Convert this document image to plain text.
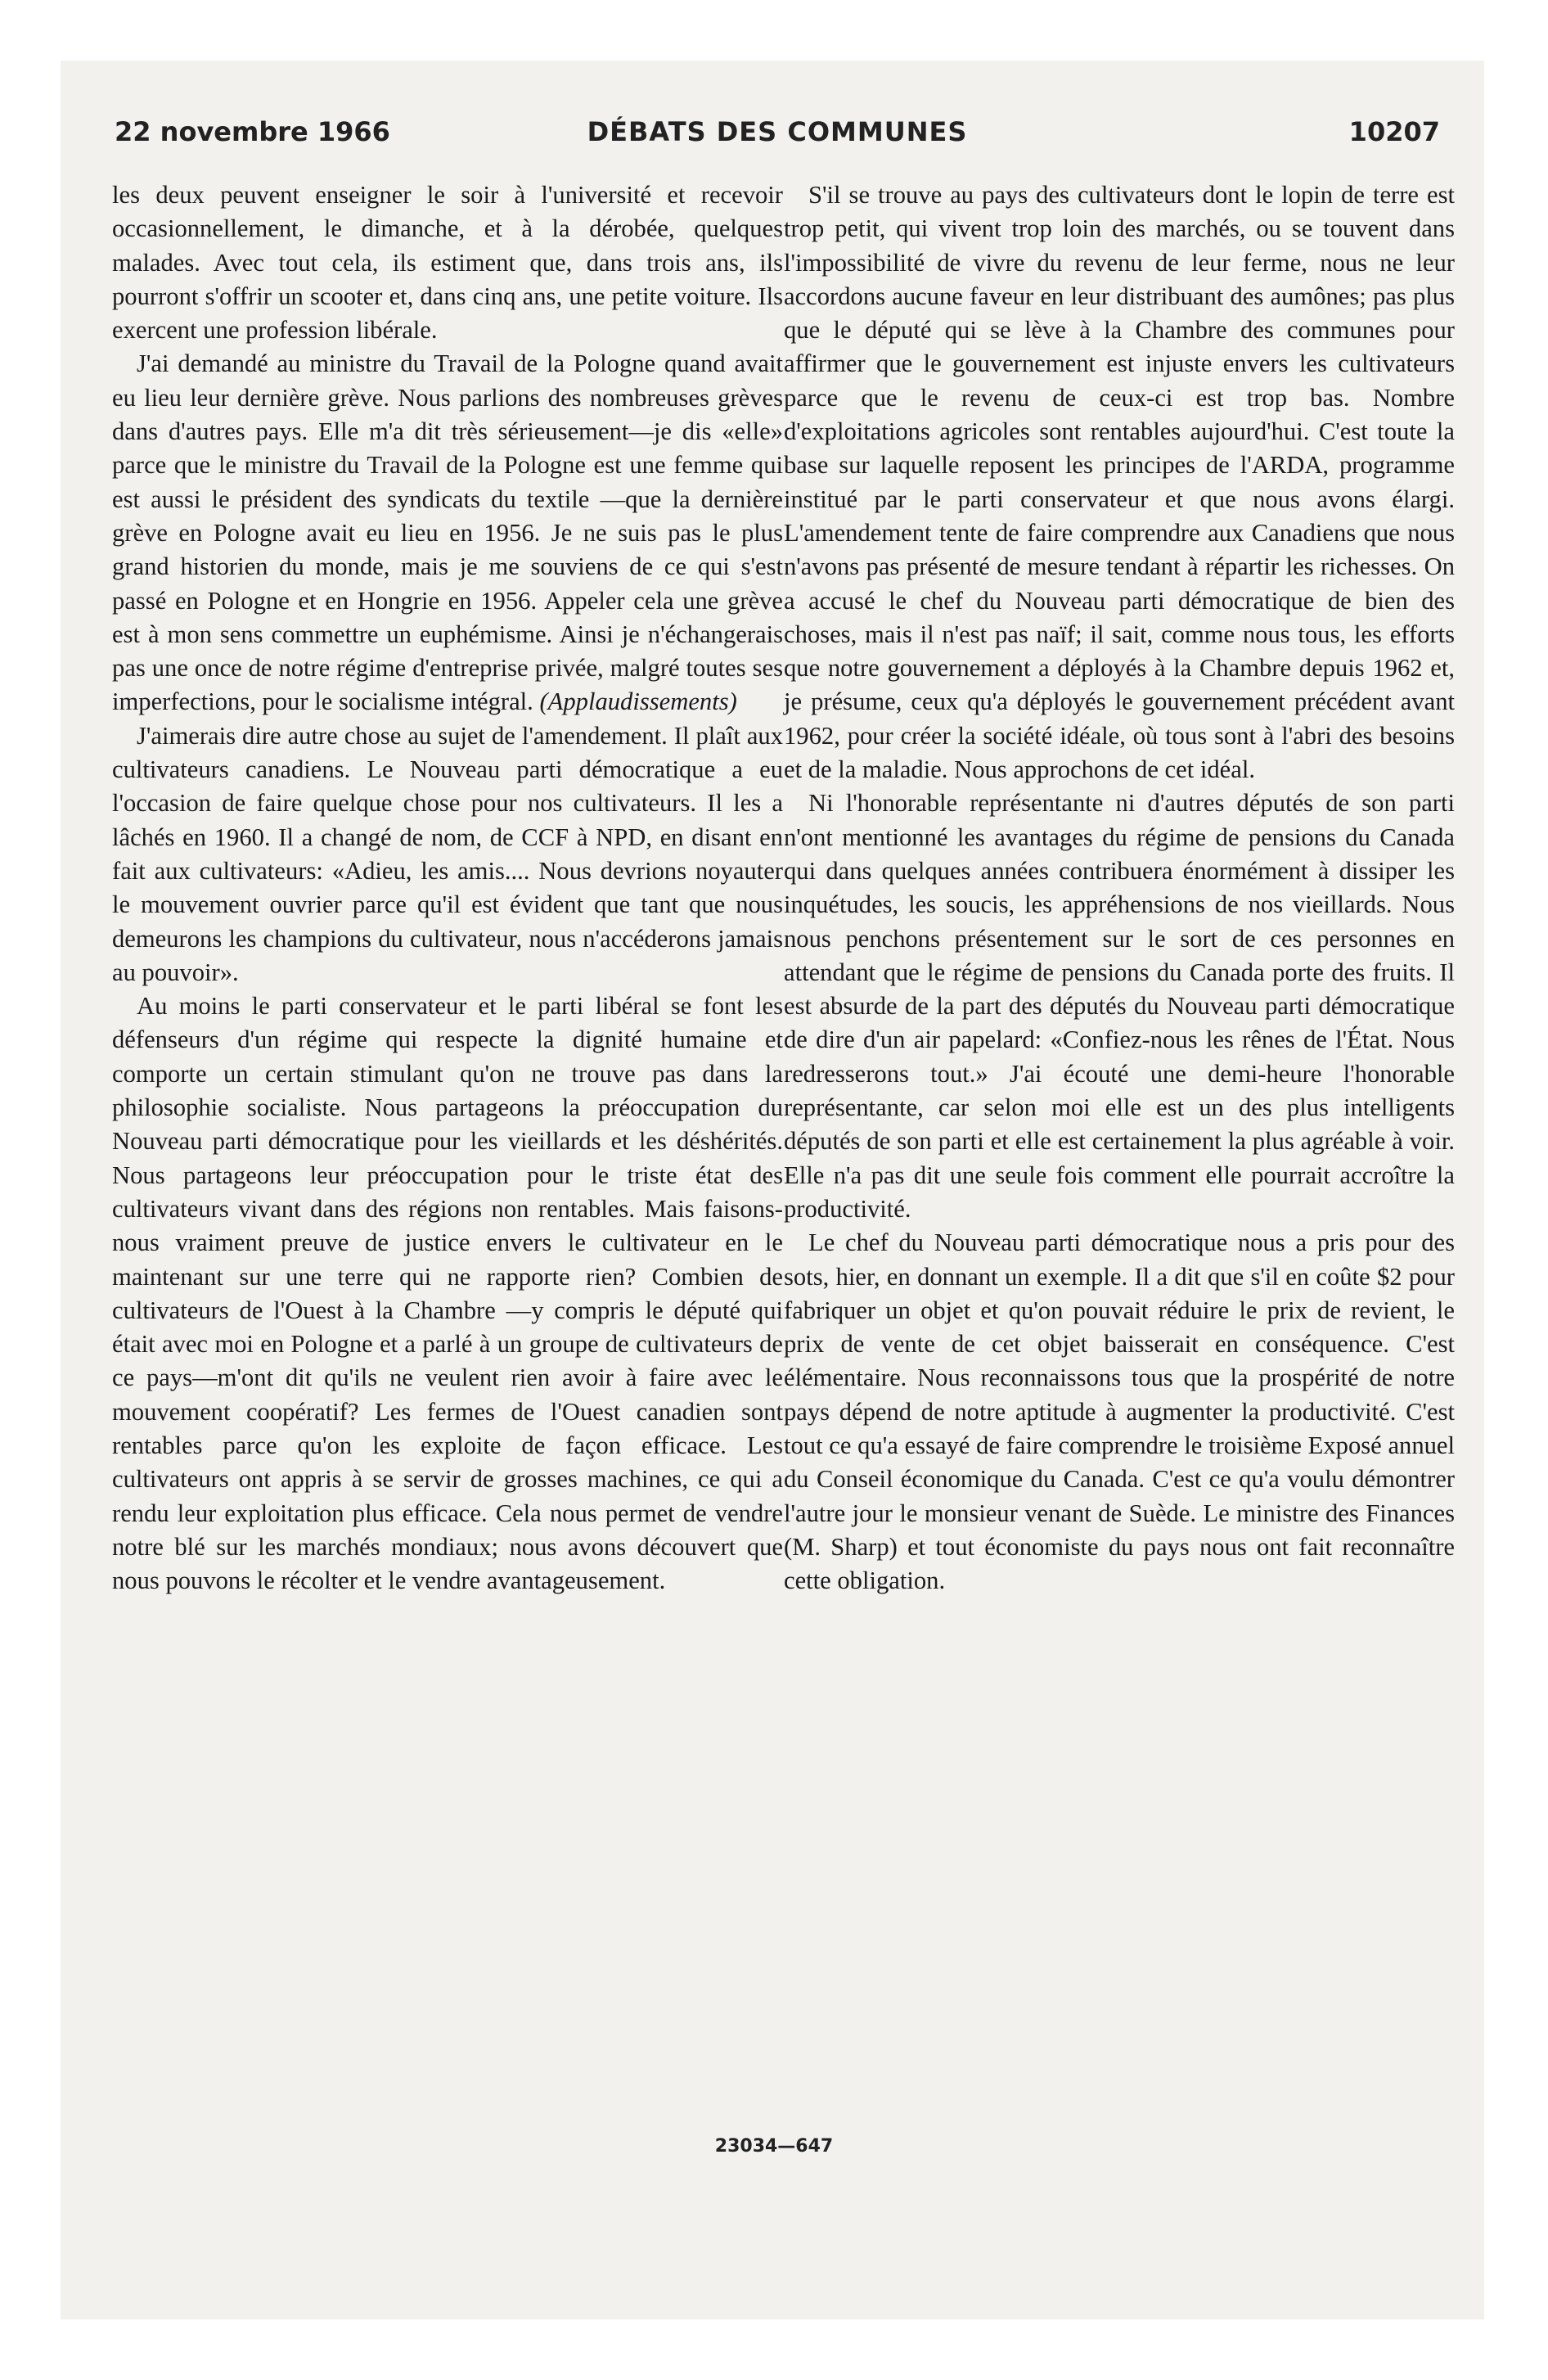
22 novembre 1966	DÉBATS DES COMMUNES	10207

les deux peuvent enseigner le soir à l'université et recevoir occasionnellement, le dimanche, et à la dérobée, quelques malades. Avec tout cela, ils estiment que, dans trois ans, ils pourront s'offrir un scooter et, dans cinq ans, une petite voiture. Ils exercent une profession libérale.

J'ai demandé au ministre du Travail de la Pologne quand avait eu lieu leur dernière grève. Nous parlions des nombreuses grèves dans d'autres pays. Elle m'a dit très sérieusement—je dis «elle» parce que le ministre du Travail de la Pologne est une femme qui est aussi le président des syndicats du textile —que la dernière grève en Pologne avait eu lieu en 1956. Je ne suis pas le plus grand historien du monde, mais je me souviens de ce qui s'est passé en Pologne et en Hongrie en 1956. Appeler cela une grève est à mon sens commettre un euphémisme. Ainsi je n'échangerais pas une once de notre régime d'entreprise privée, malgré toutes ses imperfections, pour le socialisme intégral. (Applaudissements)

J'aimerais dire autre chose au sujet de l'amendement. Il plaît aux cultivateurs canadiens. Le Nouveau parti démocratique a eu l'occasion de faire quelque chose pour nos cultivateurs. Il les a lâchés en 1960. Il a changé de nom, de CCF à NPD, en disant en fait aux cultivateurs: «Adieu, les amis.... Nous devrions noyauter le mouvement ouvrier parce qu'il est évident que tant que nous demeurons les champions du cultivateur, nous n'accéderons jamais au pouvoir».

Au moins le parti conservateur et le parti libéral se font les défenseurs d'un régime qui respecte la dignité humaine et comporte un certain stimulant qu'on ne trouve pas dans la philosophie socialiste. Nous partageons la préoccupation du Nouveau parti démocratique pour les vieillards et les déshérités. Nous partageons leur préoccupation pour le triste état des cultivateurs vivant dans des régions non rentables. Mais faisons-nous vraiment preuve de justice envers le cultivateur en le maintenant sur une terre qui ne rapporte rien? Combien de cultivateurs de l'Ouest à la Chambre —y compris le député qui était avec moi en Pologne et a parlé à un groupe de cultivateurs de ce pays—m'ont dit qu'ils ne veulent rien avoir à faire avec le mouvement coopératif? Les fermes de l'Ouest canadien sont rentables parce qu'on les exploite de façon efficace. Les cultivateurs ont appris à se servir de grosses machines, ce qui a rendu leur exploitation plus efficace. Cela nous permet de vendre notre blé sur les marchés mondiaux; nous avons découvert que nous pouvons le récolter et le vendre avantageusement.

S'il se trouve au pays des cultivateurs dont le lopin de terre est trop petit, qui vivent trop loin des marchés, ou se touvent dans l'impossibilité de vivre du revenu de leur ferme, nous ne leur accordons aucune faveur en leur distribuant des aumônes; pas plus que le député qui se lève à la Chambre des communes pour affirmer que le gouvernement est injuste envers les cultivateurs parce que le revenu de ceux-ci est trop bas. Nombre d'exploitations agricoles sont rentables aujourd'hui. C'est toute la base sur laquelle reposent les principes de l'ARDA, programme institué par le parti conservateur et que nous avons élargi. L'amendement tente de faire comprendre aux Canadiens que nous n'avons pas présenté de mesure tendant à répartir les richesses. On a accusé le chef du Nouveau parti démocratique de bien des choses, mais il n'est pas naïf; il sait, comme nous tous, les efforts que notre gouvernement a déployés à la Chambre depuis 1962 et, je présume, ceux qu'a déployés le gouvernement précédent avant 1962, pour créer la société idéale, où tous sont à l'abri des besoins et de la maladie. Nous approchons de cet idéal.

Ni l'honorable représentante ni d'autres députés de son parti n'ont mentionné les avantages du régime de pensions du Canada qui dans quelques années contribuera énormément à dissiper les inquétudes, les soucis, les appréhensions de nos vieillards. Nous nous penchons présentement sur le sort de ces personnes en attendant que le régime de pensions du Canada porte des fruits. Il est absurde de la part des députés du Nouveau parti démocratique de dire d'un air papelard: «Confiez-nous les rênes de l'État. Nous redresserons tout.» J'ai écouté une demi-heure l'honorable représentante, car selon moi elle est un des plus intelligents députés de son parti et elle est certainement la plus agréable à voir. Elle n'a pas dit une seule fois comment elle pourrait accroître la productivité.

Le chef du Nouveau parti démocratique nous a pris pour des sots, hier, en donnant un exemple. Il a dit que s'il en coûte $2 pour fabriquer un objet et qu'on pouvait réduire le prix de revient, le prix de vente de cet objet baisserait en conséquence. C'est élémentaire. Nous reconnaissons tous que la prospérité de notre pays dépend de notre aptitude à augmenter la productivité. C'est tout ce qu'a essayé de faire comprendre le troisième Exposé annuel du Conseil économique du Canada. C'est ce qu'a voulu démontrer l'autre jour le monsieur venant de Suède. Le ministre des Finances (M. Sharp) et tout économiste du pays nous ont fait reconnaître cette obligation.

23034—647
